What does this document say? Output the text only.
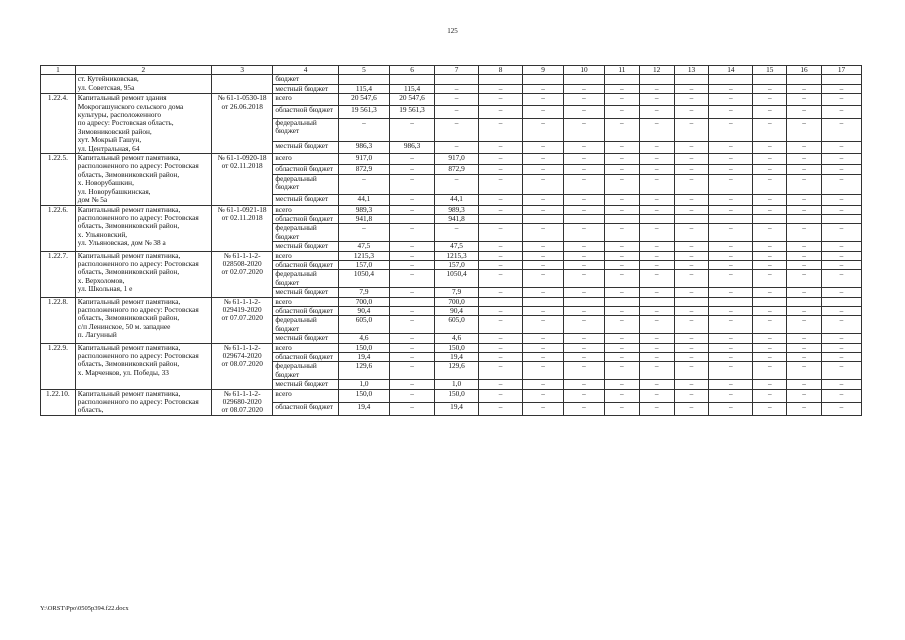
125
1	2	3	4	5	6	7	8	9	10	11	12	13	14	15	16	17
	ст. Кутейниковская,
ул. Советская, 95а		бюджет													
			местный бюджет	115,4	115,4	–	–	–	–	–	–	–	–	–	–	–
1.22.4.	Капитальный ремонт здания Мокрогашунского сельского дома культуры, расположенного
по адресу: Ростовская область, Зимовниковский район,
хут. Мокрый Гашун,
ул. Центральная, 64	№ 61-1-0530-18
от 26.06.2018	всего	20 547,6	20 547,6	–	–	–	–	–	–	–	–	–	–	–
			областной бюджет	19 561,3	19 561,3	–	–	–	–	–	–	–	–	–	–	–
			федеральный бюджет	–	–	–	–	–	–	–	–	–	–	–	–	–
			местный бюджет	986,3	986,3	–	–	–	–	–	–	–	–	–	–	–
1.22.5.	Капитальный ремонт памятника, расположенного по адресу: Ростовская область, Зимовниковский район,
х. Новорубашкин,
ул. Новорубашкинская,
дом № 5а	№ 61-1-0920-18
от 02.11.2018	всего	917,0	–	917,0	–	–	–	–	–	–	–	–	–	–
			областной бюджет	872,9	–	872,9	–	–	–	–	–	–	–	–	–	–
			федеральный бюджет	–	–	–	–	–	–	–	–	–	–	–	–	–
			местный бюджет	44,1	–	44,1	–	–	–	–	–	–	–	–	–	–
1.22.6.	Капитальный ремонт памятника, расположенного по адресу: Ростовская область, Зимовниковский район,
х. Ульяновский,
ул. Ульяновская, дом № 38 а	№ 61-1-0921-18
от 02.11.2018	всего	989,3	–	989,3	–	–	–	–	–	–	–	–	–	–
			областной бюджет	941,8		941,8										
			федеральный бюджет	–	–	–	–	–	–	–	–	–	–	–	–	–
			местный бюджет	47,5	–	47,5	–	–	–	–	–	–	–	–	–	–
1.22.7.	Капитальный ремонт памятника, расположенного по адресу: Ростовская область, Зимовниковский район,
х. Верхоломов,
ул. Школьная, 1 е	№ 61-1-1-2-
028508-2020
от 02.07.2020	всего	1215,3	–	1215,3	–	–	–	–	–	–	–	–	–	–
			областной бюджет	157,0	–	157,0	–	–	–	–	–	–	–	–	–	–
			федеральный бюджет	1050,4	–	1050,4	–	–	–	–	–	–	–	–	–	–
			местный бюджет	7,9	–	7,9	–	–	–	–	–	–	–	–	–	–
1.22.8.	Капитальный ремонт памятника, расположенного по адресу: Ростовская область, Зимовниковский район,
с/п Ленинское, 50 м. западнее
п. Лагунный	№ 61-1-1-2-
029419-2020
от 07.07.2020	всего	700,0		700,0										
			областной бюджет	90,4	–	90,4	–	–	–	–	–	–	–	–	–	–
			федеральный бюджет	605,0	–	605,0	–	–	–	–	–	–	–	–	–	–
			местный бюджет	4,6	–	4,6	–	–	–	–	–	–	–	–	–	–
1.22.9.	Капитальный ремонт памятника, расположенного по адресу: Ростовская область, Зимовниковский район,
х. Марченков, ул. Победы, 33	№ 61-1-1-2-
029674-2020
от 08.07.2020	всего	150,0	–	150,0	–	–	–	–	–	–	–	–	–	–
			областной бюджет	19,4	–	19,4	–	–	–	–	–	–	–	–	–	–
			федеральный бюджет	129,6	–	129,6	–	–	–	–	–	–	–	–	–	–
			местный бюджет	1,0	–	1,0	–	–	–	–	–	–	–	–	–	–
1.22.10.	Капитальный ремонт памятника, расположенного по адресу: Ростовская область,	№ 61-1-1-2-
029680-2020
от 08.07.2020	всего	150,0	–	150,0	–	–	–	–	–	–	–	–	–	–
			областной бюджет	19,4	–	19,4	–	–	–	–	–	–	–	–	–	–
Y:\ORST\Ppo\0505p394.f22.docx
